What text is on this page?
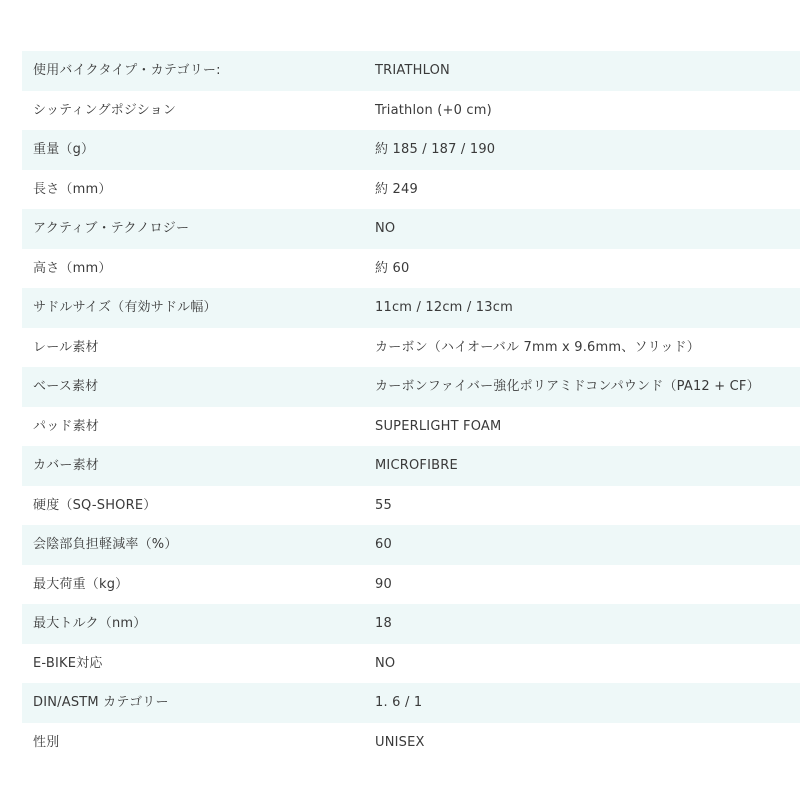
使用バイクタイプ・カテゴリー:	TRIATHLON
シッティングポジション	Triathlon (+0 cm)
重量（g）	約 185 / 187 / 190
長さ（mm）	約 249
アクティブ・テクノロジー	NO
高さ（mm）	約 60
サドルサイズ（有効サドル幅）	11cm / 12cm / 13cm
レール素材	カーボン（ハイオーバル 7mm x 9.6mm、ソリッド）
ベース素材	カーボンファイバー強化ポリアミドコンパウンド（PA12 + CF）
パッド素材	SUPERLIGHT FOAM
カバー素材	MICROFIBRE
硬度（SQ-SHORE）	55
会陰部負担軽減率（%）	60
最大荷重（kg）	90
最大トルク（nm）	18
E-BIKE対応	NO
DIN/ASTM カテゴリー	1. 6 / 1
性別	UNISEX
